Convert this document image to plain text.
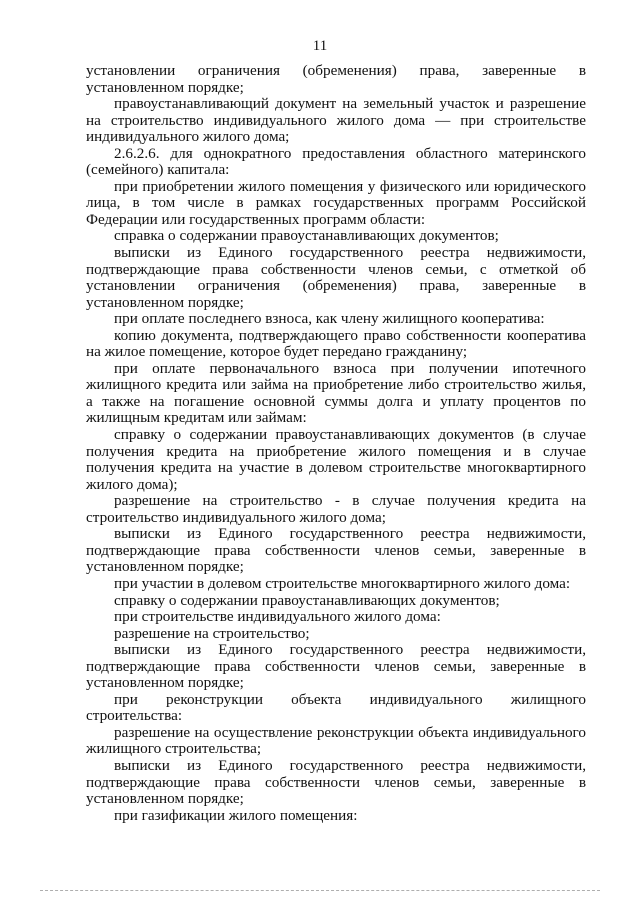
11

установлении ограничения (обременения) права, заверенные в установленном порядке;

правоустанавливающий документ на земельный участок и разрешение на строительство индивидуального жилого дома — при строительстве индивидуального жилого дома;

2.6.2.6. для однократного предоставления областного материнского (семейного) капитала:

при приобретении жилого помещения у физического или юридического лица, в том числе в рамках государственных программ Российской Федерации или государственных программ области:

справка о содержании правоустанавливающих документов;

выписки из Единого государственного реестра недвижимости, подтверждающие права собственности членов семьи, с отметкой об установлении ограничения (обременения) права, заверенные в установленном порядке;

при оплате последнего взноса, как члену жилищного кооператива:

копию документа, подтверждающего право собственности кооператива на жилое помещение, которое будет передано гражданину;

при оплате первоначального взноса при получении ипотечного жилищного кредита или займа на приобретение либо строительство жилья, а также на погашение основной суммы долга и уплату процентов по жилищным кредитам или займам:

справку о содержании правоустанавливающих документов (в случае получения кредита на приобретение жилого помещения и в случае получения кредита на участие в долевом строительстве многоквартирного жилого дома);

разрешение на строительство - в случае получения кредита на строительство индивидуального жилого дома;

выписки из Единого государственного реестра недвижимости, подтверждающие права собственности членов семьи, заверенные в установленном порядке;

при участии в долевом строительстве многоквартирного жилого дома:

справку о содержании правоустанавливающих документов;

при строительстве индивидуального жилого дома:

разрешение на строительство;

выписки из Единого государственного реестра недвижимости, подтверждающие права собственности членов семьи, заверенные в установленном порядке;

при реконструкции объекта индивидуального жилищного строительства:

разрешение на осуществление реконструкции объекта индивидуального жилищного строительства;

выписки из Единого государственного реестра недвижимости, подтверждающие права собственности членов семьи, заверенные в установленном порядке;

при газификации жилого помещения:
